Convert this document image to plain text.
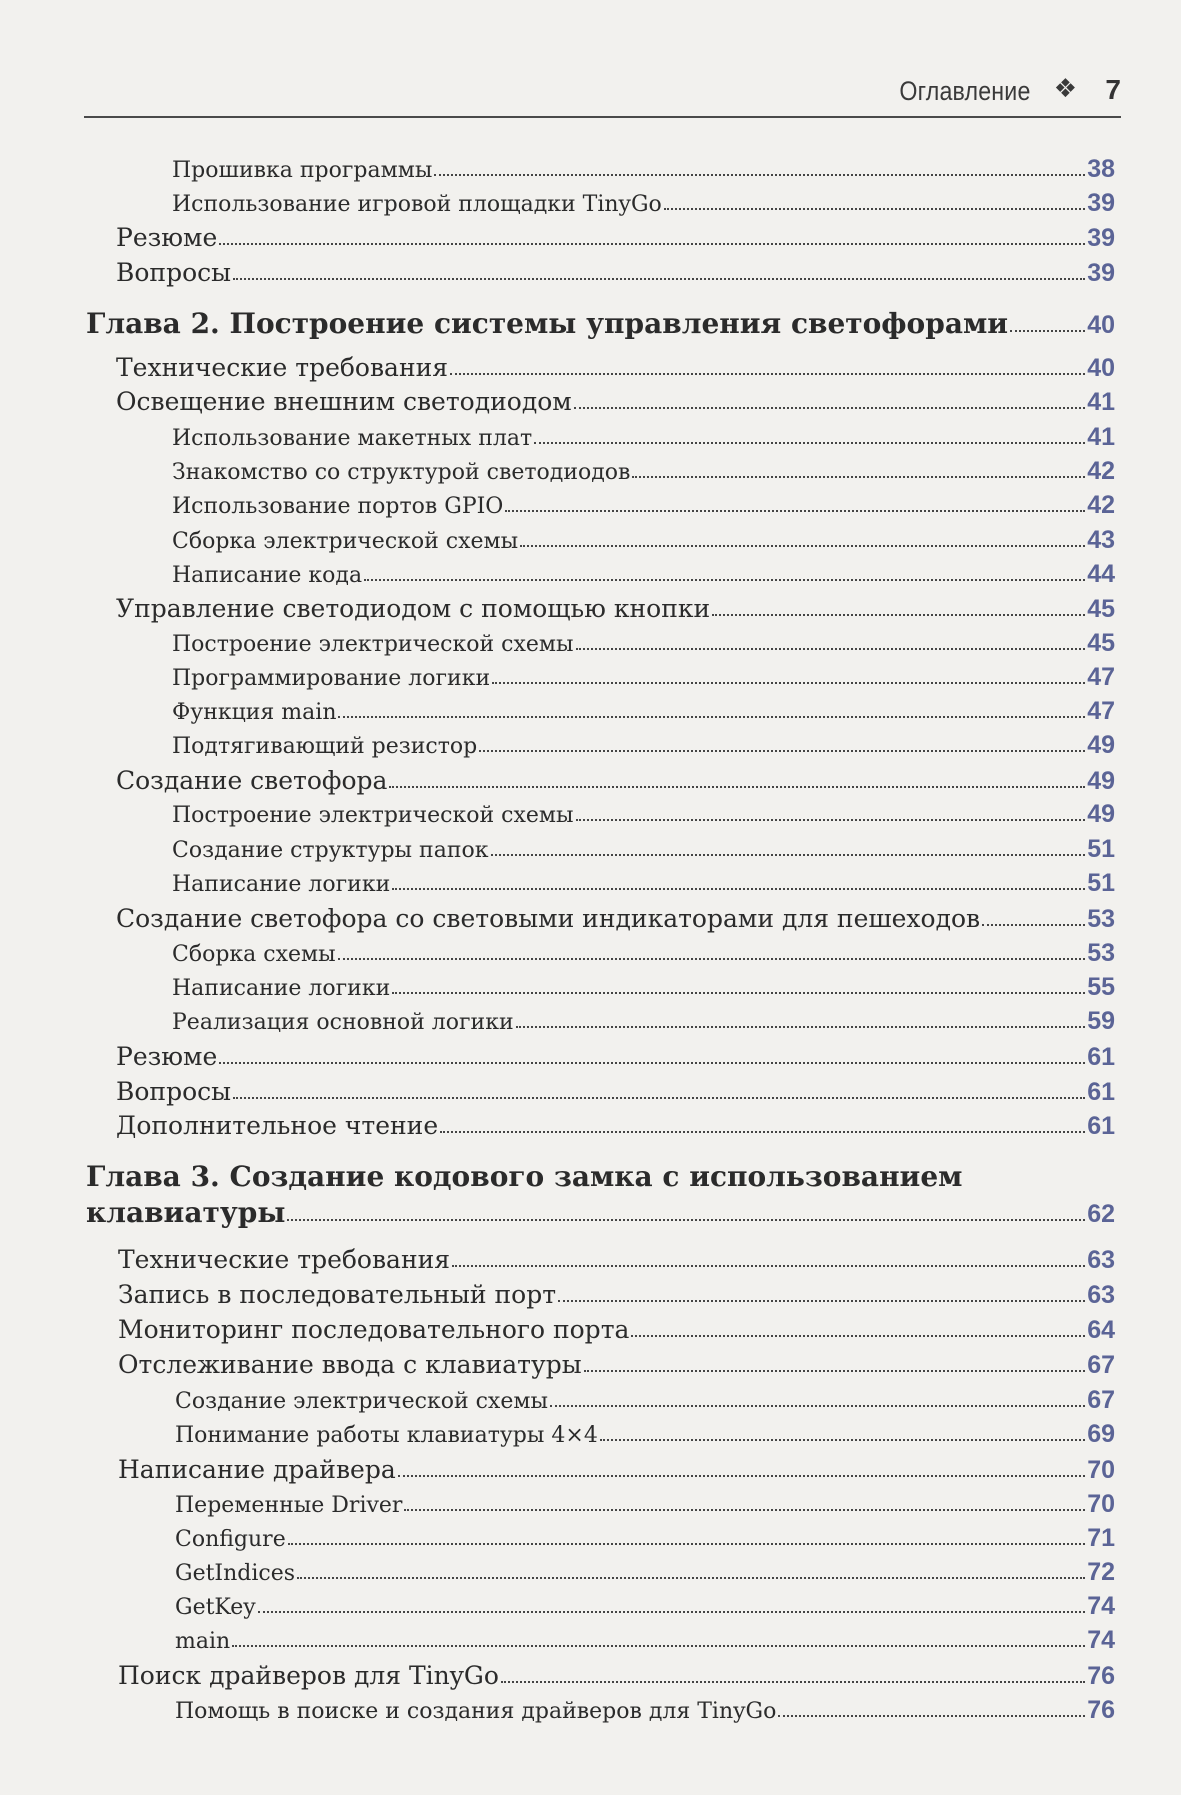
Оглавление ❖ 7
Прошивка программы	38
Использование игровой площадки TinyGo	39
Резюме	39
Вопросы	39
Глава 2. Построение системы управления светофорами	40
Технические требования	40
Освещение внешним светодиодом	41
Использование макетных плат	41
Знакомство со структурой светодиодов	42
Использование портов GPIO	42
Сборка электрической схемы	43
Написание кода	44
Управление светодиодом с помощью кнопки	45
Построение электрической схемы	45
Программирование логики	47
Функция main	47
Подтягивающий резистор	49
Создание светофора	49
Построение электрической схемы	49
Создание структуры папок	51
Написание логики	51
Создание светофора со световыми индикаторами для пешеходов	53
Сборка схемы	53
Написание логики	55
Реализация основной логики	59
Резюме	61
Вопросы	61
Дополнительное чтение	61
Глава 3. Создание кодового замка с использованием
клавиатуры	62
Технические требования	63
Запись в последовательный порт	63
Мониторинг последовательного порта	64
Отслеживание ввода с клавиатуры	67
Создание электрической схемы	67
Понимание работы клавиатуры 4×4	69
Написание драйвера	70
Переменные Driver	70
Configure	71
GetIndices	72
GetKey	74
main	74
Поиск драйверов для TinyGo	76
Помощь в поиске и создания драйверов для TinyGo	76
